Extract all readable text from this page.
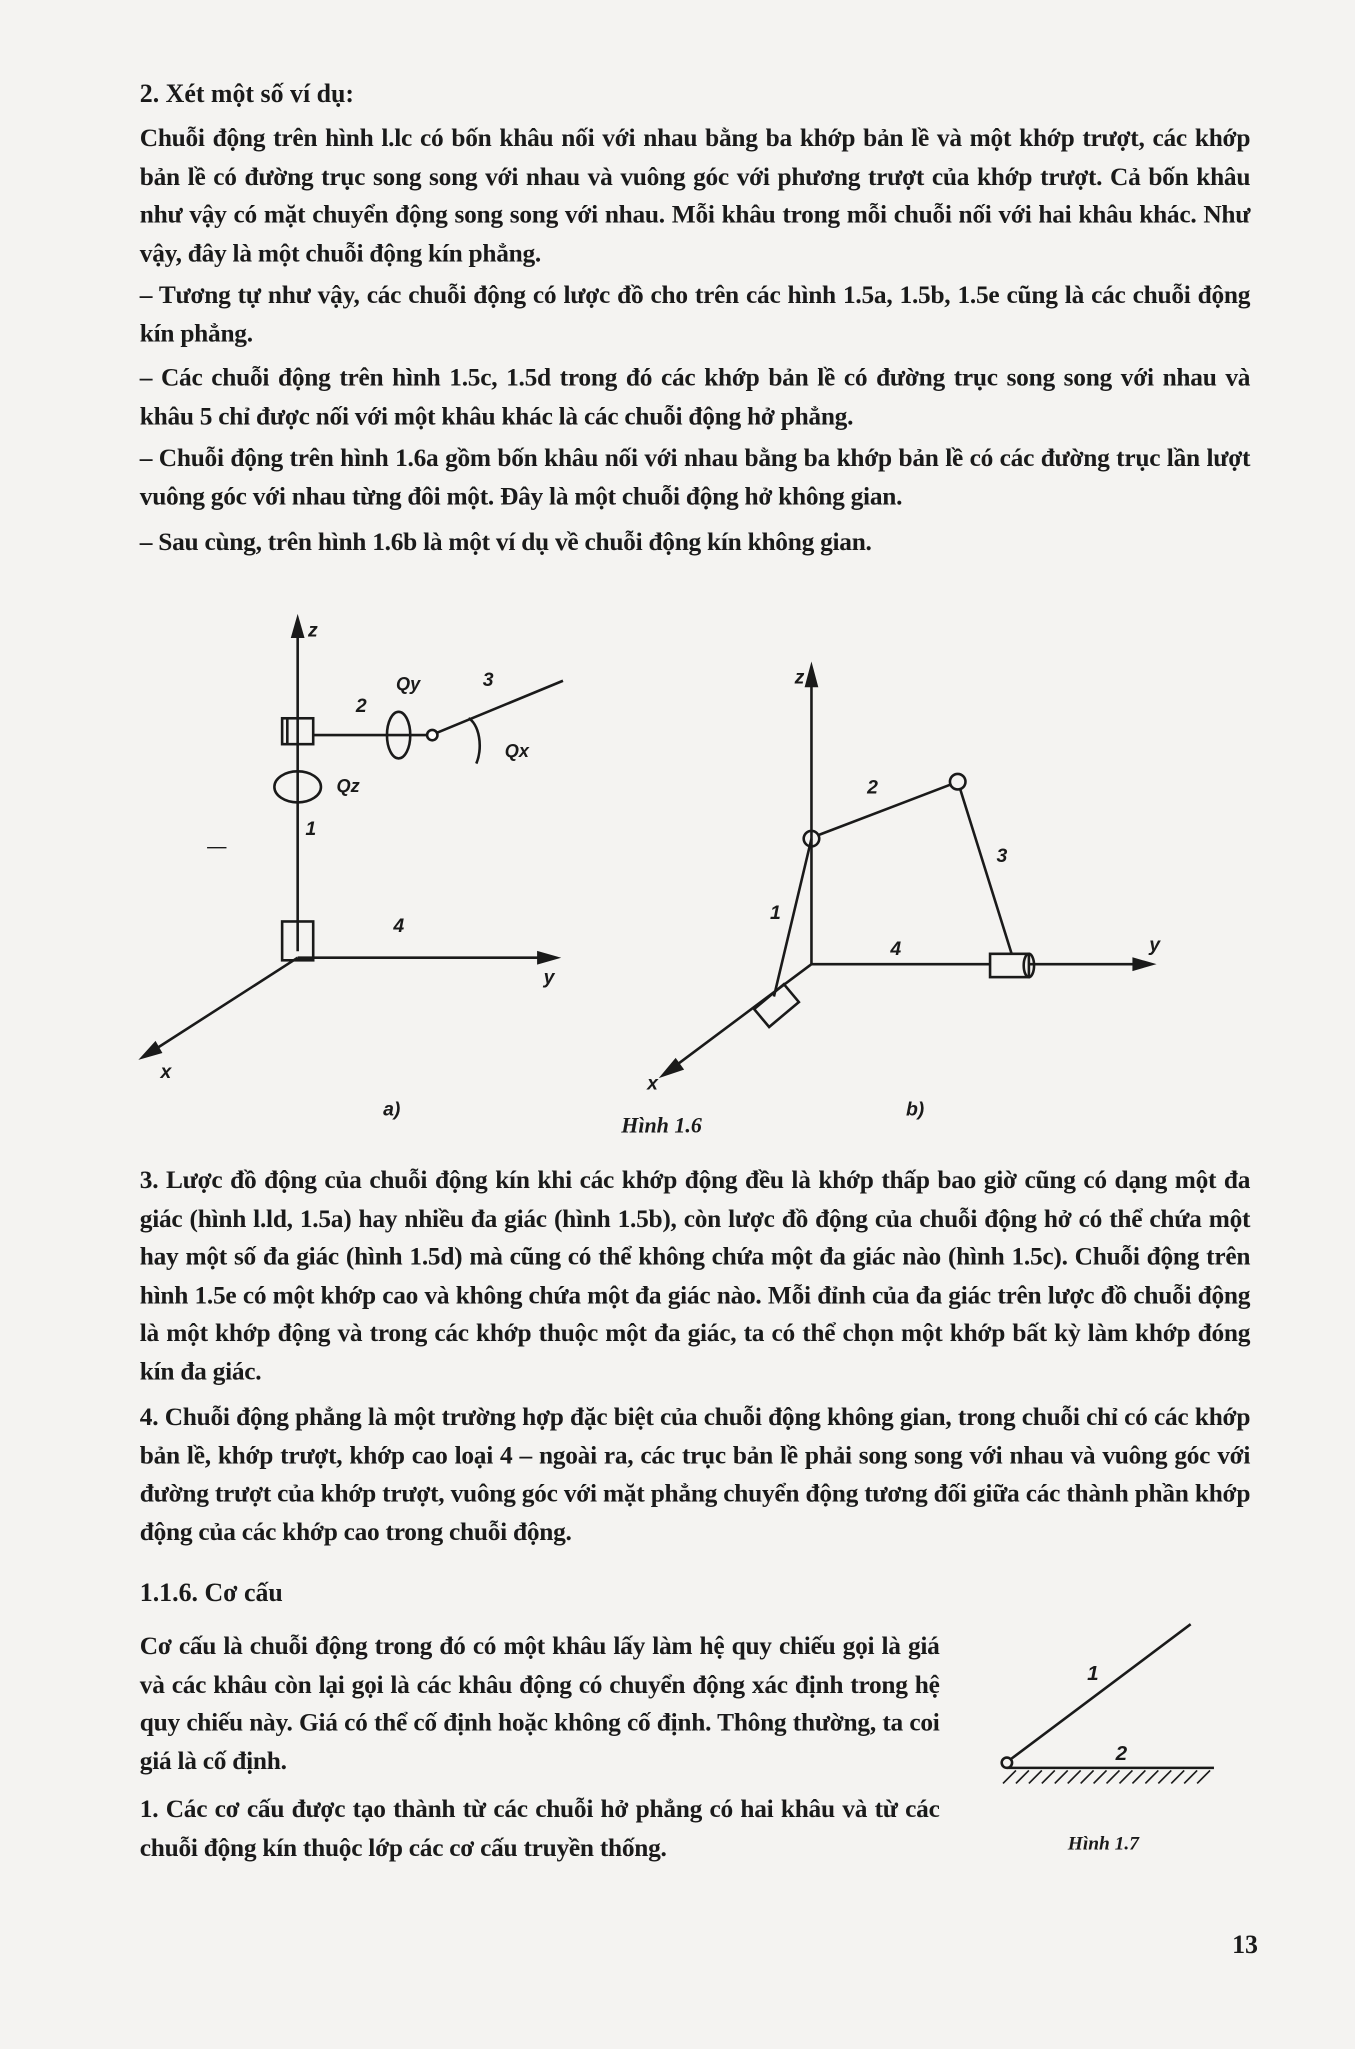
2. Xét một số ví dụ:
Chuỗi động trên hình l.lc có bốn khâu nối với nhau bằng ba khớp bản lề và một khớp trượt, các khớp bản lề có đường trục song song với nhau và vuông góc với phương trượt của khớp trượt. Cả bốn khâu như vậy có mặt chuyển động song song với nhau. Mỗi khâu trong mỗi chuỗi nối với hai khâu khác. Như vậy, đây là một chuỗi động kín phẳng.
– Tương tự như vậy, các chuỗi động có lược đồ cho trên các hình 1.5a, 1.5b, 1.5e cũng là các chuỗi động kín phẳng.
– Các chuỗi động trên hình 1.5c, 1.5d trong đó các khớp bản lề có đường trục song song với nhau và khâu 5 chỉ được nối với một khâu khác là các chuỗi động hở phẳng.
– Chuỗi động trên hình 1.6a gồm bốn khâu nối với nhau bằng ba khớp bản lề có các đường trục lần lượt vuông góc với nhau từng đôi một. Đây là một chuỗi động hở không gian.
– Sau cùng, trên hình 1.6b là một ví dụ về chuỗi động kín không gian.
z
y
x
1
2
3
4
Qy
Qx
Qz
a)
z
y
x
1
2
3
4
b)
Hình 1.6
3. Lược đồ động của chuỗi động kín khi các khớp động đều là khớp thấp bao giờ cũng có dạng một đa giác (hình l.ld, 1.5a) hay nhiều đa giác (hình 1.5b), còn lược đồ động của chuỗi động hở có thể chứa một hay một số đa giác (hình 1.5d) mà cũng có thể không chứa một đa giác nào (hình 1.5c). Chuỗi động trên hình 1.5e có một khớp cao và không chứa một đa giác nào. Mỗi đỉnh của đa giác trên lược đồ chuỗi động là một khớp động và trong các khớp thuộc một đa giác, ta có thể chọn một khớp bất kỳ làm khớp đóng kín đa giác.
4. Chuỗi động phẳng là một trường hợp đặc biệt của chuỗi động không gian, trong chuỗi chỉ có các khớp bản lề, khớp trượt, khớp cao loại 4 – ngoài ra, các trục bản lề phải song song với nhau và vuông góc với đường trượt của khớp trượt, vuông góc với mặt phẳng chuyển động tương đối giữa các thành phần khớp động của các khớp cao trong chuỗi động.
1.1.6. Cơ cấu
Cơ cấu là chuỗi động trong đó có một khâu lấy làm hệ quy chiếu gọi là giá và các khâu còn lại gọi là các khâu động có chuyển động xác định trong hệ quy chiếu này. Giá có thể cố định hoặc không cố định. Thông thường, ta coi giá là cố định.
1. Các cơ cấu được tạo thành từ các chuỗi hở phẳng có hai khâu và từ các chuỗi động kín thuộc lớp các cơ cấu truyền thống.
1
2
Hình 1.7
13
